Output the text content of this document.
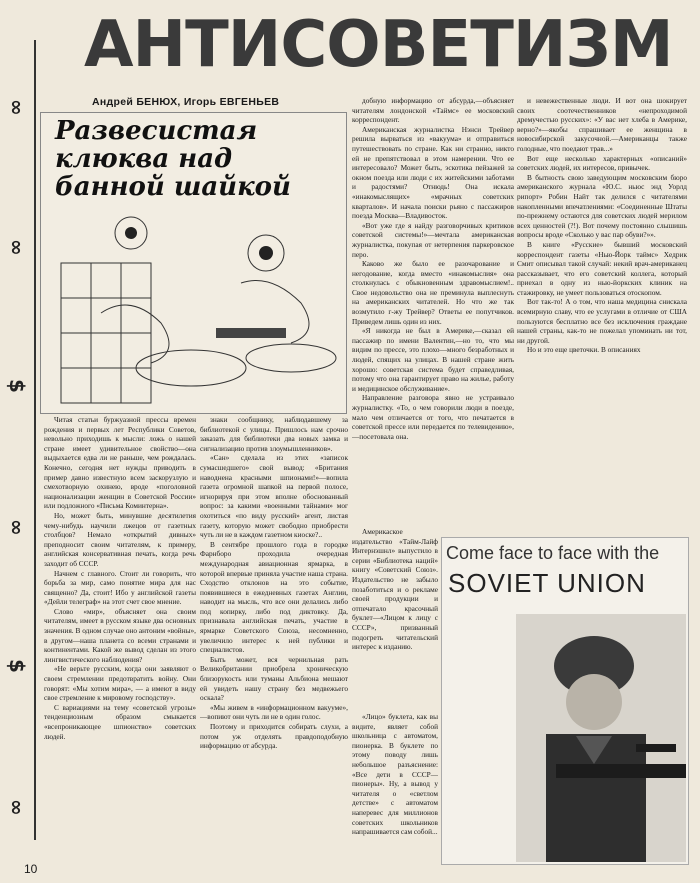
∞
∞
$
∞
$
∞
АНТИСОВЕТИЗМ
Андрей БЕНЮХ, Игорь ЕВГЕНЬЕВ
Развесистая клюква над банной шайкой

Читая статьи буржуазной прессы времен рождения и первых лет Республики Советов, невольно приходишь к мысли: ложь о нашей стране имеет удивительное свойство—она выдыхается едва ли не раньше, чем рождалась. Конечно, сегодня нет нужды приводить в пример давно известную всем заскорузлую и смехотворную охинею, вроде «поголовной национализации женщин в Советской России» или подложного «Письма Коминтерна».

Но, может быть, минувшие десятилетия чему-нибудь научили лжецов от газетных столбцов? Немало «открытий дивных» преподносит своим читателям, к примеру, английская консервативная печать, когда речь заходит об СССР.

Начнем с главного. Стоит ли говорить, что борьба за мир, само понятие мира для нас священно? Да, стоит! Ибо у английской газеты «Дейли телеграф» на этот счет свое мнение.

Слово «мир», объясняет она своим читателям, имеет в русском языке два основных значения. В одном случае оно антоним «войны», в другом—наша планета со всеми странами и континентами. Какой же вывод сделан из этого лингвистического наблюдения?

«Не верьте русским, когда они заявляют о своем стремлении предотвратить войну. Они говорят: «Мы хотим мира», — а имеют в виду свое стремление к мировому господству».

С вариациями на тему «советской угрозы» тенденциозным образом смыкается «всепроникающее шпионство» советских людей.

знаки сообщнику, наблюдавшему за библиотекой с улицы. Пришлось нам срочно заказать для библиотеки два новых замка и сигнализацию против злоумышленников».

«Сан» сделала из этих «записок сумасшедшего» свой вывод: «Британия наводнена красными шпионами!»—вопила газета огромной шапкой на первой полосе, игнорируя при этом вполне обоснованный вопрос: за какими «военными тайнами» мог охотиться «по виду русский» агент, листая газету, которую может свободно приобрести чуть ли не в каждом газетном киоске?..

В сентябре прошлого года в городке Фарнборо проходила очередная международная авиационная ярмарка, в которой впервые приняла участие наша страна. Сходство отклонов на это событие, появившиеся в ежедневных газетах Англии, наводит на мысль, что все они делались либо под копирку, либо под диктовку. Да, признавала английская печать, участие в ярмарке Советского Союза, несомненно, увеличило интерес к ней публики и специалистов.

Быть может, вся чернильная рать Великобритании приобрела хроническую близорукость или туманы Альбиона мешают ей увидеть нашу страну без медвежьего оскала?

«Мы живем в «информационном вакууме»,—вопиют они чуть ли не в один голос.

Поэтому и приходится собирать слухи, а потом уж отделять правдоподобную информацию от абсурда.

добную информацию от абсурда,—объясняет читателям лондонской «Таймс» ее московский корреспондент.

Американская журналистка Нэнси Трейвер решила вырваться из «вакуума» и отправиться путешествовать по стране. Как ни странно, никто ей не препятствовал в этом намерении. Что ее интересовало? Может быть, эскотика пейзажей за окном поезда или люди с их житейскими заботами и радостями? Отнюдь! Она искала «инакомыслящих» «мрачных советских кварталов». И начала поиски рьяно с пассажиров поезда Москва—Владивосток.

«Вот уже где я найду разговорчивых критиков советской системы!»—мечтала американская журналистка, покупая от нетерпения паркеровское перо.

Каково же было ее разочарование и негодование, когда вместо «инакомыслия» она столкнулась с обыкновенным здравомыслием!.. Свое недовольство она не преминула выплеснуть на американских читателей. Но что же так возмутило г-жу Трейвер? Ответы ее попутчиков. Приведем лишь один из них.

«Я никогда не был в Америке,—сказал ей пассажир по имени Валентин,—но то, что мы видим по прессе, это плохо—много безработных и людей, спящих на улицах. В нашей стране жить хорошо: советская система будет справедливая, потому что она гарантирует право на жилье, работу и медицинское обслуживание».

Направление разговора явно не устраивало журналистку. «То, о чем говорили люди в поезде, мало чем отличается от того, что печатается в советской прессе или передается по телевидению»,—посетовала она.

Америкаское издательство «Тайм-Лайф Интернэшнл» выпустило в серии «Библиотека наций» книгу «Советский Союз». Издательство не забыло позаботиться и о рекламе своей продукции и отпечатало красочный буклет—«Лицом к лицу с СССР», призванный подогреть читательский интерес к изданию.

«Лицо» буклета, как вы видите, являет собой школьница с автоматом, пионерка. В буклете по этому поводу лишь небольшое разъяснение: «Все дети в СССР—пионеры». Ну, а вывод у читателя о «светлом детстве» с автоматом наперевес для миллионов советских школьников напрашивается сам собой...

и невежественные люди. И вот она шокирует своих соотечественников «непроходимой дремучестью русских»: «У вас нет хлеба в Америке, верно?»—якобы спрашивает ее женщина в новосибирской закусочной.—Американцы также голодные, что поедают трав...»

Вот еще несколько характерных «описаний» советских людей, их интересов, привычек.

В бытность свою заведующим московским бюро американского журнала «Ю.С. ньюс энд Уорлд рипорт» Робин Найт так делился с читателями накопленными впечатлениями: «Соединенные Штаты по-прежнему остаются для советских людей мерилом всех ценностей (?!). Вот почему постоянно слышишь вопросы вроде «Сколько у вас пар обуви?»».

В книге «Русские» бывший московский корреспондент газеты «Нью-Йорк таймс» Хедрик Смит описывал такой случай: некий врач-американец рассказывает, что его советский коллега, который приехал в одну из нью-йоркских клиник на стажировку, не умеет пользоваться отоскопом.

Вот так-то! А о том, что наша медицина снискала всемирную славу, что ее услугами в отличие от США пользуются бесплатно все без исключения граждане нашей страны, как-то не пожелал упоминать ни тот, ни другой.

Но и это еще цветочки. В описаниях

Come face to face with the
SOVIET UNION
10
